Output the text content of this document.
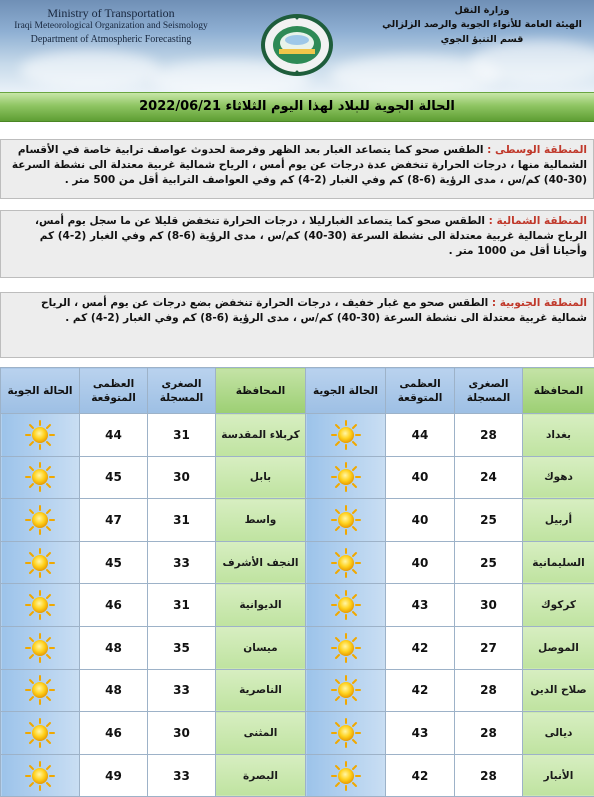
Ministry of Transportation
Iraqi Meteorological Organization and Seismology
Department of Atmospheric Forecasting
وزارة النقل
الهيئة العامة للأنواء الجوية والرصد الزلزالي
قسم التنبؤ الجوي
الحالة الجوية للبلاد لهذا اليوم الثلاثاء 2022/06/21
المنطقة الوسطى : الطقس صحو كما يتصاعد الغبار بعد الظهر وفرصة لحدوث عواصف ترابية خاصة في الأقسام الشمالية منها ، درجات الحرارة تنخفض عدة درجات عن يوم أمس ، الرياح شمالية غربية معتدلة الى نشطة السرعة (30-40) كم/س ، مدى الرؤية (6-8) كم وفي الغبار (2-4) كم وفي العواصف الترابية أقل من 500 متر .
المنطقة الشمالية : الطقس صحو كما يتصاعد الغبارليلا ، درجات الحرارة تنخفض قليلا عن ما سجل يوم أمس، الرياح شمالية غربية معتدلة الى نشطة السرعة (30-40) كم/س ، مدى الرؤية (6-8) كم وفي الغبار (2-4) كم وأحيانا أقل من 1000 متر .
المنطقة الجنوبية : الطقس صحو مع غبار خفيف ، درجات الحرارة تنخفض بضع درجات عن يوم أمس ، الرياح شمالية غربية معتدلة الى نشطة السرعة (30-40) كم/س ، مدى الرؤية (6-8) كم وفي الغبار (2-4) كم .
الحالة الجوية	العظمى المتوقعة	الصغرى المسجلة	المحافظة	الحالة الجوية	العظمى المتوقعة	الصغرى المسجلة	المحافظة
	44	31	كربلاء المقدسة		44	28	بغداد
	45	30	بابل		40	24	دهوك
	47	31	واسط		40	25	أربيل
	45	33	النجف الأشرف		40	25	السليمانية
	46	31	الديوانية		43	30	كركوك
	48	35	ميسان		42	27	الموصل
	48	33	الناصرية		42	28	صلاح الدين
	46	30	المثنى		43	28	ديالى
	49	33	البصرة		42	28	الأنبار
